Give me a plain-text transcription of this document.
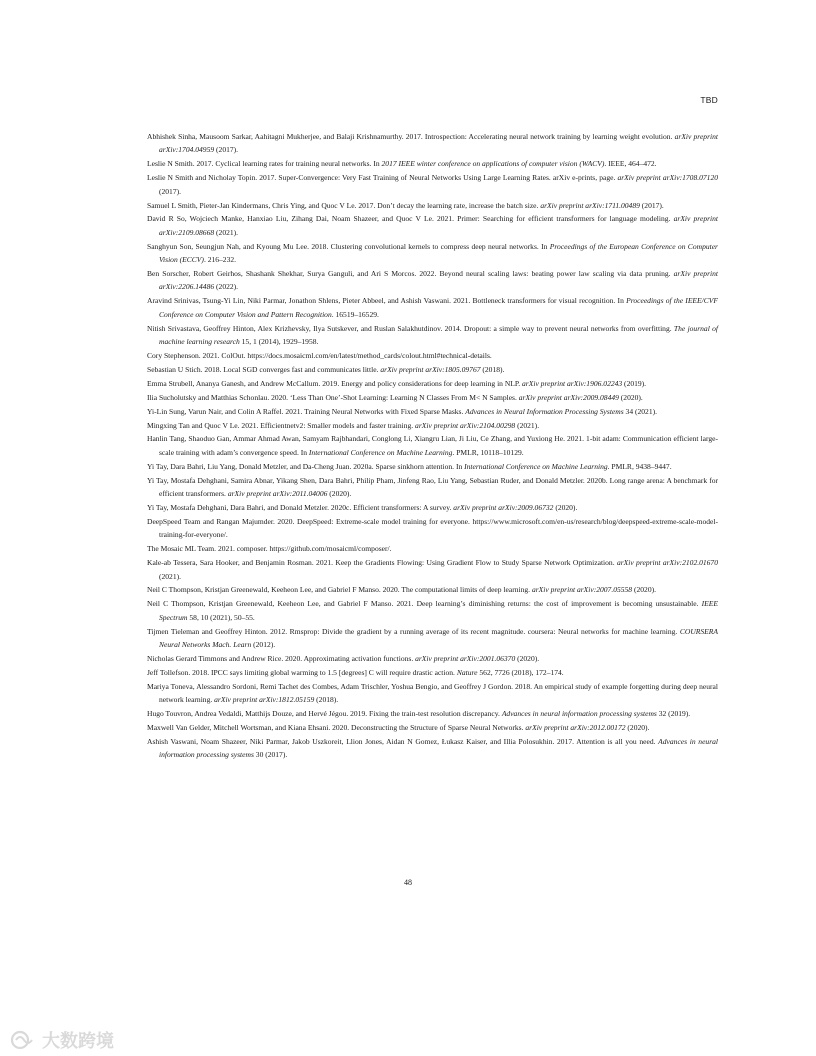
TBD

Abhishek Sinha, Mausoom Sarkar, Aahitagni Mukherjee, and Balaji Krishnamurthy. 2017. Introspection: Accelerating neural network training by learning weight evolution. arXiv preprint arXiv:1704.04959 (2017).

Leslie N Smith. 2017. Cyclical learning rates for training neural networks. In 2017 IEEE winter conference on applications of computer vision (WACV). IEEE, 464–472.

Leslie N Smith and Nicholay Topin. 2017. Super-Convergence: Very Fast Training of Neural Networks Using Large Learning Rates. arXiv e-prints, page. arXiv preprint arXiv:1708.07120 (2017).

Samuel L Smith, Pieter-Jan Kindermans, Chris Ying, and Quoc V Le. 2017. Don’t decay the learning rate, increase the batch size. arXiv preprint arXiv:1711.00489 (2017).

David R So, Wojciech Manke, Hanxiao Liu, Zihang Dai, Noam Shazeer, and Quoc V Le. 2021. Primer: Searching for efficient transformers for language modeling. arXiv preprint arXiv:2109.08668 (2021).

Sanghyun Son, Seungjun Nah, and Kyoung Mu Lee. 2018. Clustering convolutional kernels to compress deep neural networks. In Proceedings of the European Conference on Computer Vision (ECCV). 216–232.

Ben Sorscher, Robert Geirhos, Shashank Shekhar, Surya Ganguli, and Ari S Morcos. 2022. Beyond neural scaling laws: beating power law scaling via data pruning. arXiv preprint arXiv:2206.14486 (2022).

Aravind Srinivas, Tsung-Yi Lin, Niki Parmar, Jonathon Shlens, Pieter Abbeel, and Ashish Vaswani. 2021. Bottleneck transformers for visual recognition. In Proceedings of the IEEE/CVF Conference on Computer Vision and Pattern Recognition. 16519–16529.

Nitish Srivastava, Geoffrey Hinton, Alex Krizhevsky, Ilya Sutskever, and Ruslan Salakhutdinov. 2014. Dropout: a simple way to prevent neural networks from overfitting. The journal of machine learning research 15, 1 (2014), 1929–1958.

Cory Stephenson. 2021. ColOut. https://docs.mosaicml.com/en/latest/method_cards/colout.html#technical-details.

Sebastian U Stich. 2018. Local SGD converges fast and communicates little. arXiv preprint arXiv:1805.09767 (2018).

Emma Strubell, Ananya Ganesh, and Andrew McCallum. 2019. Energy and policy considerations for deep learning in NLP. arXiv preprint arXiv:1906.02243 (2019).

Ilia Sucholutsky and Matthias Schonlau. 2020. ‘Less Than One’-Shot Learning: Learning N Classes From M< N Samples. arXiv preprint arXiv:2009.08449 (2020).

Yi-Lin Sung, Varun Nair, and Colin A Raffel. 2021. Training Neural Networks with Fixed Sparse Masks. Advances in Neural Information Processing Systems 34 (2021).

Mingxing Tan and Quoc V Le. 2021. Efficientnetv2: Smaller models and faster training. arXiv preprint arXiv:2104.00298 (2021).

Hanlin Tang, Shaoduo Gan, Ammar Ahmad Awan, Samyam Rajbhandari, Conglong Li, Xiangru Lian, Ji Liu, Ce Zhang, and Yuxiong He. 2021. 1-bit adam: Communication efficient large-scale training with adam’s convergence speed. In International Conference on Machine Learning. PMLR, 10118–10129.

Yi Tay, Dara Bahri, Liu Yang, Donald Metzler, and Da-Cheng Juan. 2020a. Sparse sinkhorn attention. In International Conference on Machine Learning. PMLR, 9438–9447.

Yi Tay, Mostafa Dehghani, Samira Abnar, Yikang Shen, Dara Bahri, Philip Pham, Jinfeng Rao, Liu Yang, Sebastian Ruder, and Donald Metzler. 2020b. Long range arena: A benchmark for efficient transformers. arXiv preprint arXiv:2011.04006 (2020).

Yi Tay, Mostafa Dehghani, Dara Bahri, and Donald Metzler. 2020c. Efficient transformers: A survey. arXiv preprint arXiv:2009.06732 (2020).

DeepSpeed Team and Rangan Majumder. 2020. DeepSpeed: Extreme-scale model training for everyone. https://www.microsoft.com/en-us/research/blog/deepspeed-extreme-scale-model-training-for-everyone/.

The Mosaic ML Team. 2021. composer. https://github.com/mosaicml/composer/.

Kale-ab Tessera, Sara Hooker, and Benjamin Rosman. 2021. Keep the Gradients Flowing: Using Gradient Flow to Study Sparse Network Optimization. arXiv preprint arXiv:2102.01670 (2021).

Neil C Thompson, Kristjan Greenewald, Keeheon Lee, and Gabriel F Manso. 2020. The computational limits of deep learning. arXiv preprint arXiv:2007.05558 (2020).

Neil C Thompson, Kristjan Greenewald, Keeheon Lee, and Gabriel F Manso. 2021. Deep learning’s diminishing returns: the cost of improvement is becoming unsustainable. IEEE Spectrum 58, 10 (2021), 50–55.

Tijmen Tieleman and Geoffrey Hinton. 2012. Rmsprop: Divide the gradient by a running average of its recent magnitude. coursera: Neural networks for machine learning. COURSERA Neural Networks Mach. Learn (2012).

Nicholas Gerard Timmons and Andrew Rice. 2020. Approximating activation functions. arXiv preprint arXiv:2001.06370 (2020).

Jeff Tollefson. 2018. IPCC says limiting global warming to 1.5 [degrees] C will require drastic action. Nature 562, 7726 (2018), 172–174.

Mariya Toneva, Alessandro Sordoni, Remi Tachet des Combes, Adam Trischler, Yoshua Bengio, and Geoffrey J Gordon. 2018. An empirical study of example forgetting during deep neural network learning. arXiv preprint arXiv:1812.05159 (2018).

Hugo Touvron, Andrea Vedaldi, Matthijs Douze, and Hervé Jégou. 2019. Fixing the train-test resolution discrepancy. Advances in neural information processing systems 32 (2019).

Maxwell Van Gelder, Mitchell Wortsman, and Kiana Ehsani. 2020. Deconstructing the Structure of Sparse Neural Networks. arXiv preprint arXiv:2012.00172 (2020).

Ashish Vaswani, Noam Shazeer, Niki Parmar, Jakob Uszkoreit, Llion Jones, Aidan N Gomez, Łukasz Kaiser, and Illia Polosukhin. 2017. Attention is all you need. Advances in neural information processing systems 30 (2017).

48
大数跨境
